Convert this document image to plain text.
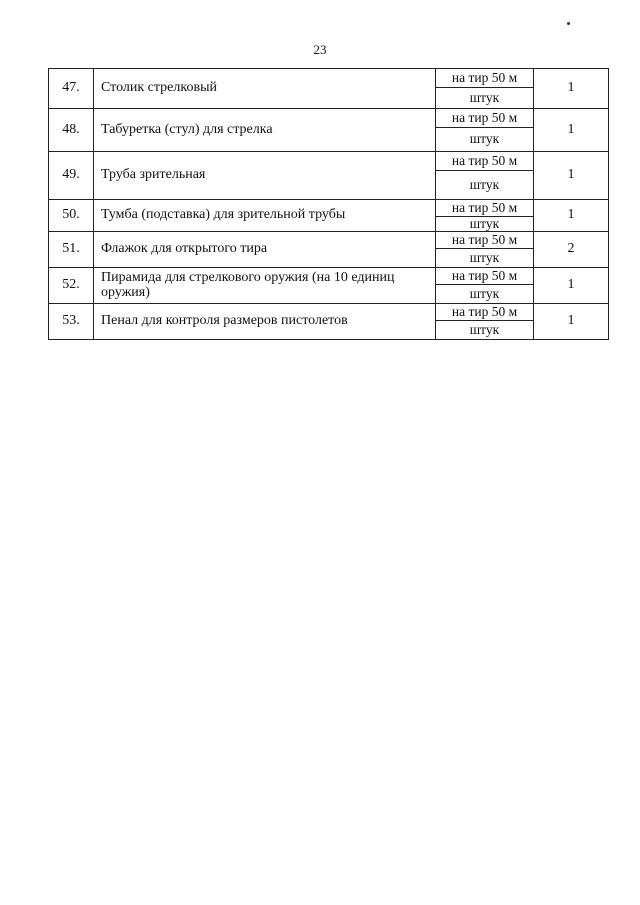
23
47.	Столик стрелковый	на тир 50 м	1
		штук	
48.	Табуретка (стул) для стрелка	на тир 50 м	1
		штук	
49.	Труба зрительная	на тир 50 м	1
		штук	
50.	Тумба (подставка) для зрительной трубы	на тир 50 м	1
		штук	
51.	Флажок для открытого тира	на тир 50 м	2
		штук	
52.	Пирамида для стрелкового оружия (на 10 единиц оружия)	на тир 50 м	1
		штук	
53.	Пенал для контроля размеров пистолетов	на тир 50 м	1
		штук	
